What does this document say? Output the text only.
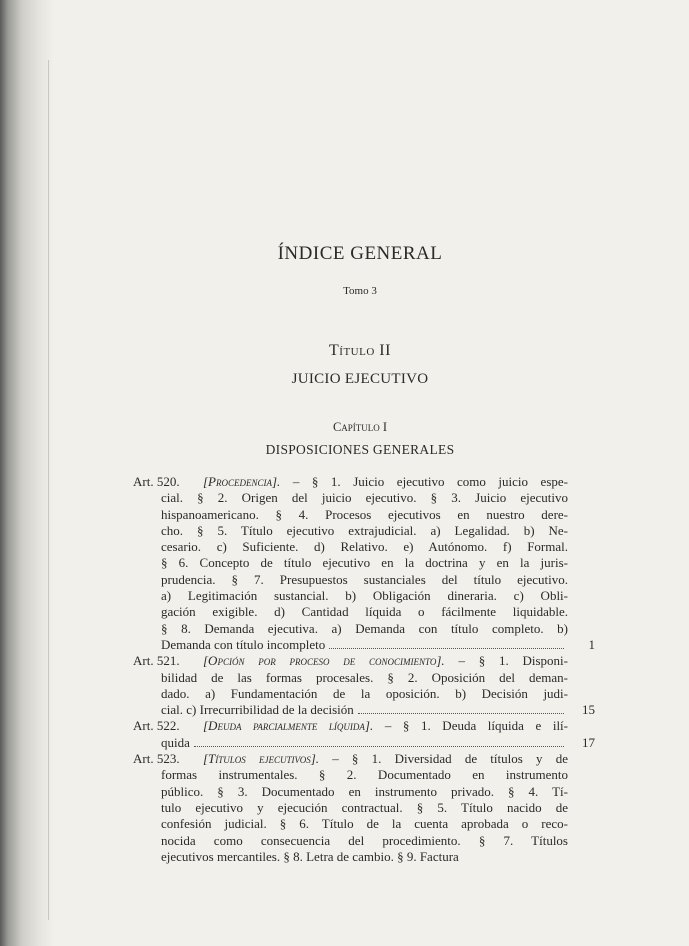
ÍNDICE GENERAL
Tomo 3
Título II
JUICIO EJECUTIVO
Capítulo I
DISPOSICIONES GENERALES
Art. 520.
1
[Procedencia]. – § 1. Juicio ejecutivo como juicio espe-
cial. § 2. Origen del juicio ejecutivo. § 3. Juicio ejecutivo
hispanoamericano. § 4. Procesos ejecutivos en nuestro dere-
cho. § 5. Título ejecutivo extrajudicial. a) Legalidad. b) Ne-
cesario. c) Suficiente. d) Relativo. e) Autónomo. f) Formal.
§ 6. Concepto de título ejecutivo en la doctrina y en la juris-
prudencia. § 7. Presupuestos sustanciales del título ejecutivo.
a) Legitimación sustancial. b) Obligación dineraria. c) Obli-
gación exigible. d) Cantidad líquida o fácilmente liquidable.
§ 8. Demanda ejecutiva. a) Demanda con título completo. b)
Demanda con título incompleto
Art. 521.
15
[Opción por proceso de conocimiento]. – § 1. Disponi-
bilidad de las formas procesales. § 2. Oposición del deman-
dado. a) Fundamentación de la oposición. b) Decisión judi-
cial. c) Irrecurribilidad de la decisión
Art. 522.
17
[Deuda parcialmente líquida]. – § 1. Deuda líquida e ilí-
quida
Art. 523.	[Títulos ejecutivos]. – § 1. Diversidad de títulos y de
formas instrumentales. § 2. Documentado en instrumento
público. § 3. Documentado en instrumento privado. § 4. Tí-
tulo ejecutivo y ejecución contractual. § 5. Título nacido de
confesión judicial. § 6. Título de la cuenta aprobada o reco-
nocida como consecuencia del procedimiento. § 7. Títulos
ejecutivos mercantiles. § 8. Letra de cambio. § 9. Factura
